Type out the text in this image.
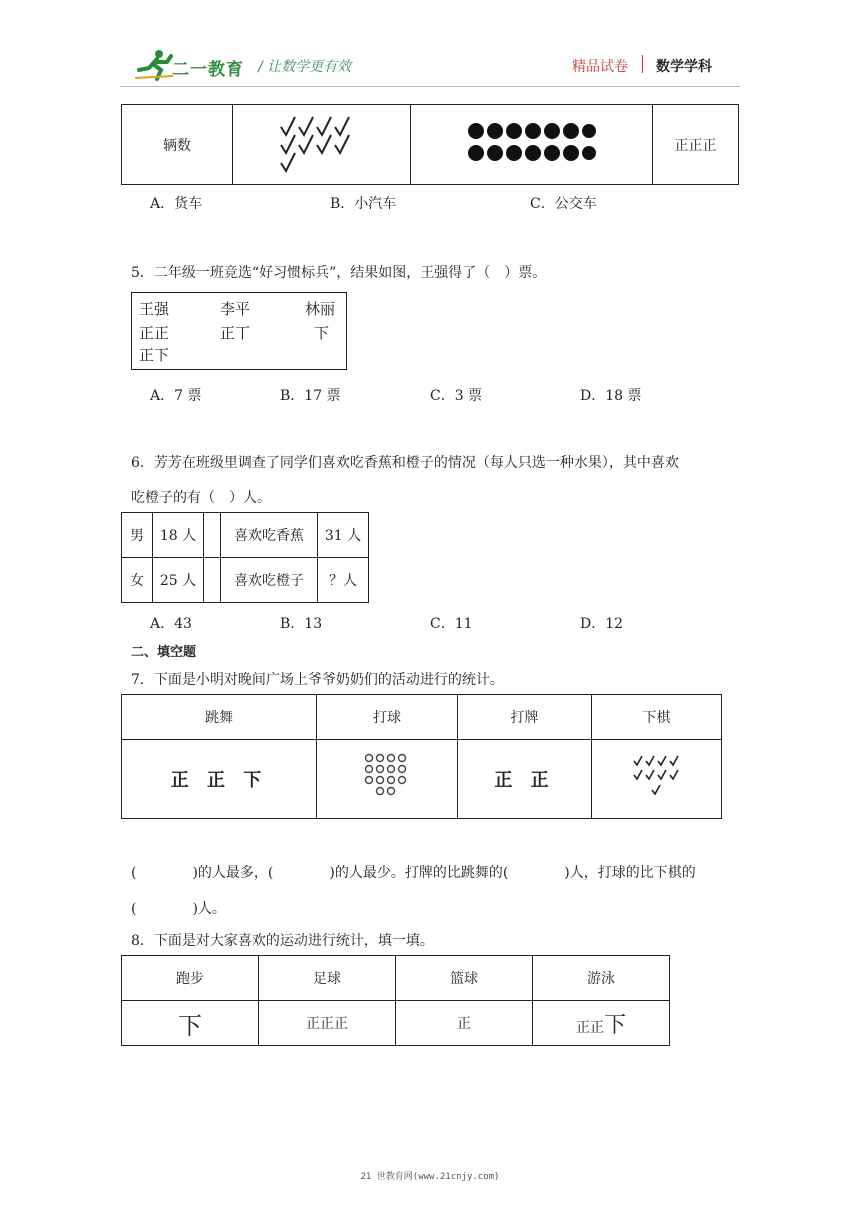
二一教育 / 让数学更有效	精品试卷 数学学科
辆数			正正正
A．货车	B．小汽车	C．公交车
5．二年级一班竞选“好习惯标兵”，结果如图，王强得了（　）票。
王强	李平	林丽
正正	正丅	下
正下
A．7 票	B．17 票	C．3 票	D．18 票
6．芳芳在班级里调查了同学们喜欢吃香蕉和橙子的情况（每人只选一种水果），其中喜欢
吃橙子的有（　）人。
男	18 人		喜欢吃香蕉	31 人
女	25 人		喜欢吃橙子	？人
A．43	B．13	C．11	D．12
二、填空题
7．下面是小明对晚间广场上爷爷奶奶们的活动进行的统计。
跳舞	打球	打牌	下棋
正 正 下		正 正	
(　　　　)的人最多，(　　　　)的人最少。打牌的比跳舞的(　　　　)人，打球的比下棋的
(　　　　)人。
8．下面是对大家喜欢的运动进行统计，填一填。
跑步	足球	篮球	游泳
下	正正正	正	正正下
21 世教育网(www.21cnjy.com)
